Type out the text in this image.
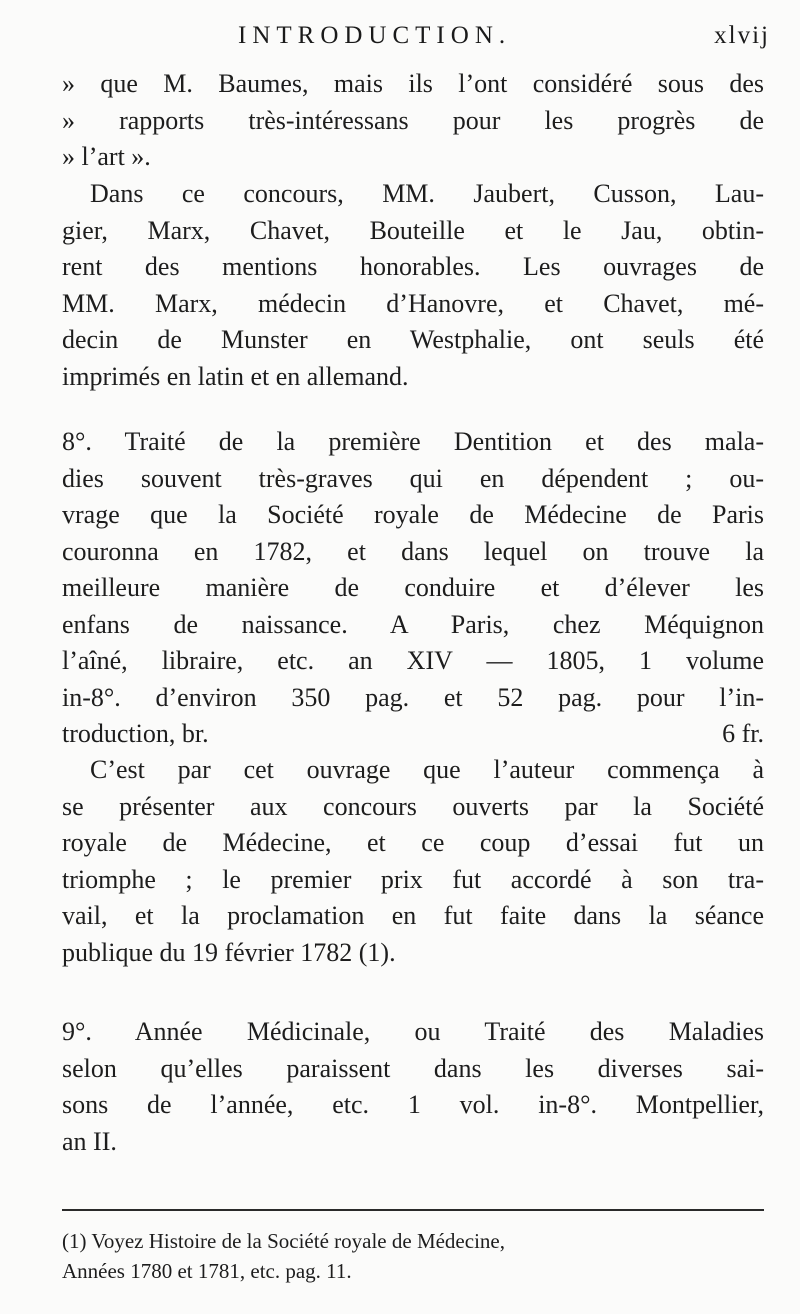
INTRODUCTION.	xlvij
» que M. Baumes, mais ils l’ont considéré sous des
» rapports très-intéressans pour les progrès de
» l’art ».
Dans ce concours, MM. Jaubert, Cusson, Lau-
gier, Marx, Chavet, Bouteille et le Jau, obtin-
rent des mentions honorables. Les ouvrages de
MM. Marx, médecin d’Hanovre, et Chavet, mé-
decin de Munster en Westphalie, ont seuls été
imprimés en latin et en allemand.
8°. Traité de la première Dentition et des mala-
dies souvent très-graves qui en dépendent ; ou-
vrage que la Société royale de Médecine de Paris
couronna en 1782, et dans lequel on trouve la
meilleure manière de conduire et d’élever les
enfans de naissance. A Paris, chez Méquignon
l’aîné, libraire, etc. an XIV — 1805, 1 volume
in-8°. d’environ 350 pag. et 52 pag. pour l’in-
troduction, br.	6 fr.
C’est par cet ouvrage que l’auteur commença à
se présenter aux concours ouverts par la Société
royale de Médecine, et ce coup d’essai fut un
triomphe ; le premier prix fut accordé à son tra-
vail, et la proclamation en fut faite dans la séance
publique du 19 février 1782 (1).
9°. Année Médicinale, ou Traité des Maladies
selon qu’elles paraissent dans les diverses sai-
sons de l’année, etc. 1 vol. in-8°. Montpellier,
an II.
(1) Voyez Histoire de la Société royale de Médecine,
Années 1780 et 1781, etc. pag. 11.
